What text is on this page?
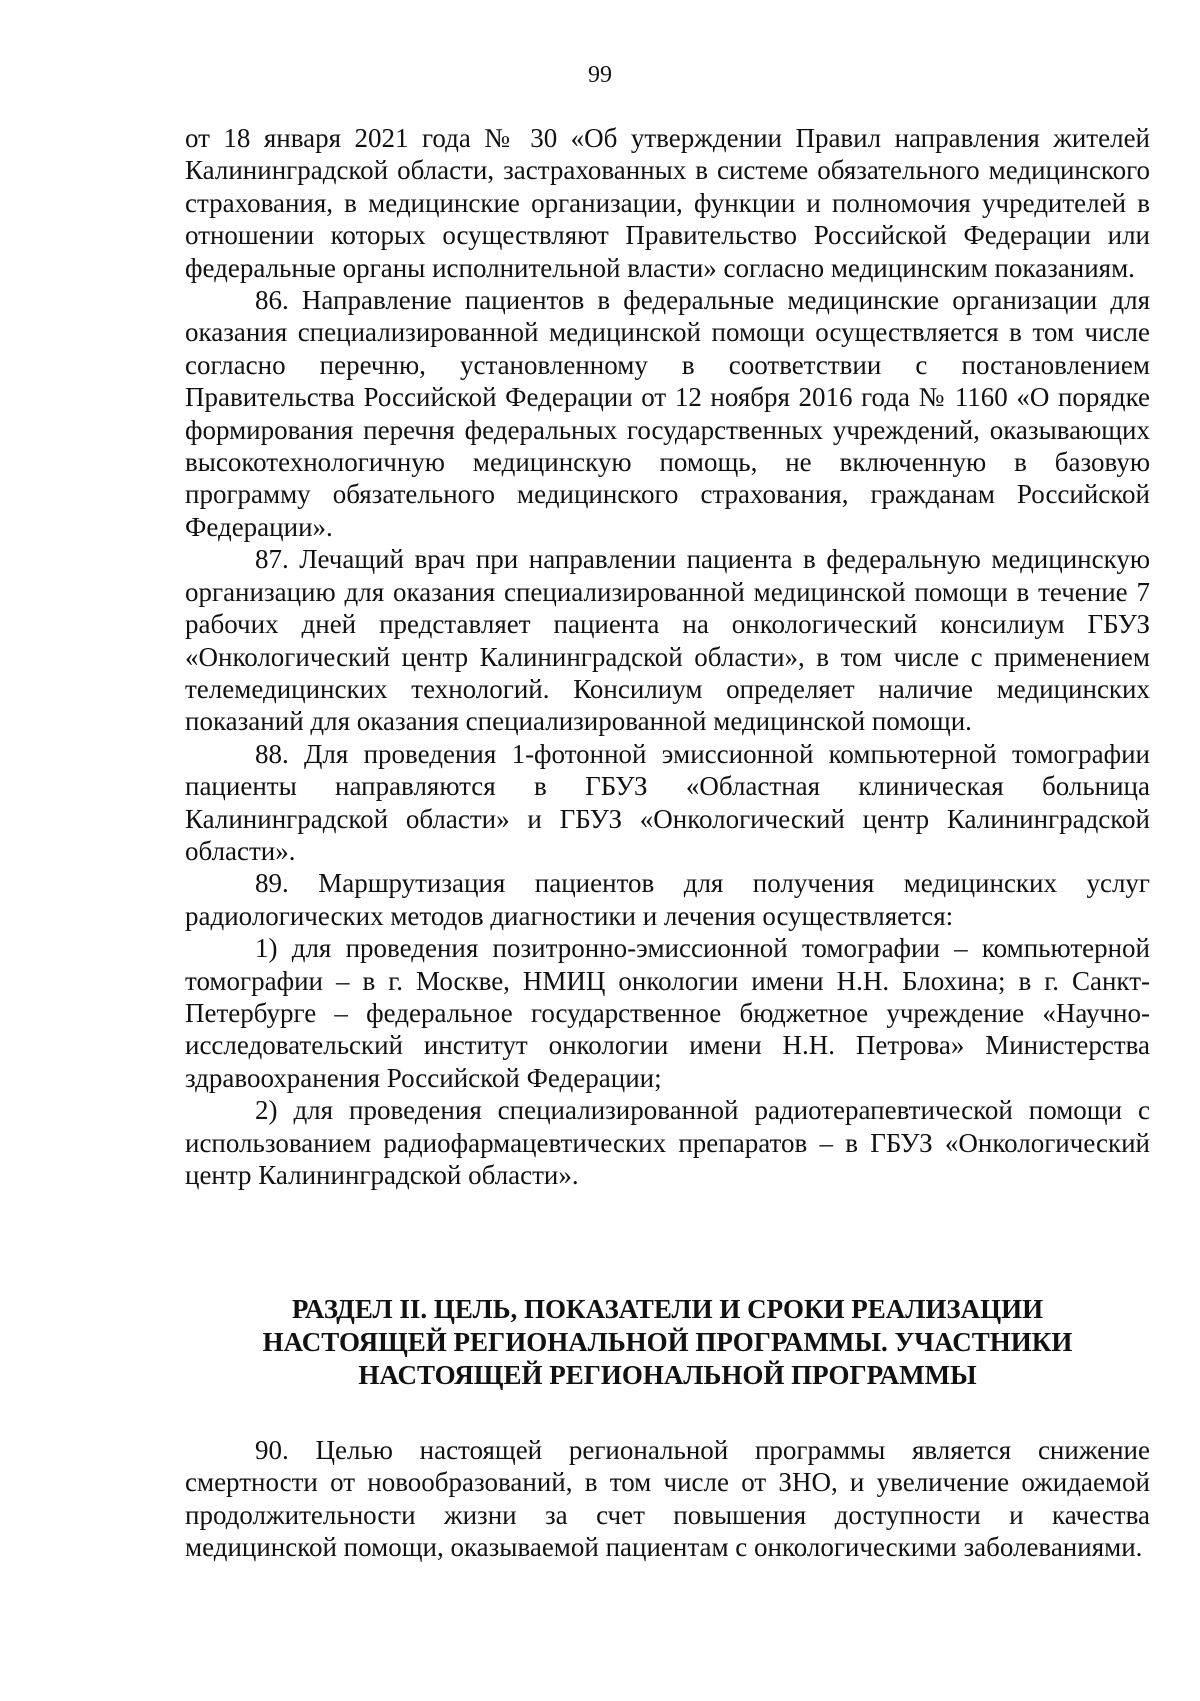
99

от 18 января 2021 года № 30 «Об утверждении Правил направления жителей Калининградской области, застрахованных в системе обязательного медицинского страхования, в медицинские организации, функции и полномочия учредителей в отношении которых осуществляют Правительство Российской Федерации или федеральные органы исполнительной власти» согласно медицинским показаниям.

86. Направление пациентов в федеральные медицинские организации для оказания специализированной медицинской помощи осуществляется в том числе согласно перечню, установленному в соответствии с постановлением Правительства Российской Федерации от 12 ноября 2016 года № 1160 «О порядке формирования перечня федеральных государственных учреждений, оказывающих высокотехнологичную медицинскую помощь, не включенную в базовую программу обязательного медицинского страхования, гражданам Российской Федерации».

87. Лечащий врач при направлении пациента в федеральную медицинскую организацию для оказания специализированной медицинской помощи в течение 7 рабочих дней представляет пациента на онкологический консилиум ГБУЗ «Онкологический центр Калининградской области», в том числе с применением телемедицинских технологий. Консилиум определяет наличие медицинских показаний для оказания специализированной медицинской помощи.

88. Для проведения 1-фотонной эмиссионной компьютерной томографии пациенты направляются в ГБУЗ «Областная клиническая больница Калининградской области» и ГБУЗ «Онкологический центр Калининградской области».

89. Маршрутизация пациентов для получения медицинских услуг радиологических методов диагностики и лечения осуществляется:

1) для проведения позитронно-эмиссионной томографии – компьютерной томографии – в г. Москве, НМИЦ онкологии имени Н.Н. Блохина; в г. Санкт-Петербурге – федеральное государственное бюджетное учреждение «Научно-исследовательский институт онкологии имени Н.Н. Петрова» Министерства здравоохранения Российской Федерации;

2) для проведения специализированной радиотерапевтической помощи с использованием радиофармацевтических препаратов – в ГБУЗ «Онкологический центр Калининградской области».

РАЗДЕЛ II. ЦЕЛЬ, ПОКАЗАТЕЛИ И СРОКИ РЕАЛИЗАЦИИ
НАСТОЯЩЕЙ РЕГИОНАЛЬНОЙ ПРОГРАММЫ. УЧАСТНИКИ
НАСТОЯЩЕЙ РЕГИОНАЛЬНОЙ ПРОГРАММЫ

90. Целью настоящей региональной программы является снижение смертности от новообразований, в том числе от ЗНО, и увеличение ожидаемой продолжительности жизни за счет повышения доступности и качества медицинской помощи, оказываемой пациентам с онкологическими заболеваниями.
